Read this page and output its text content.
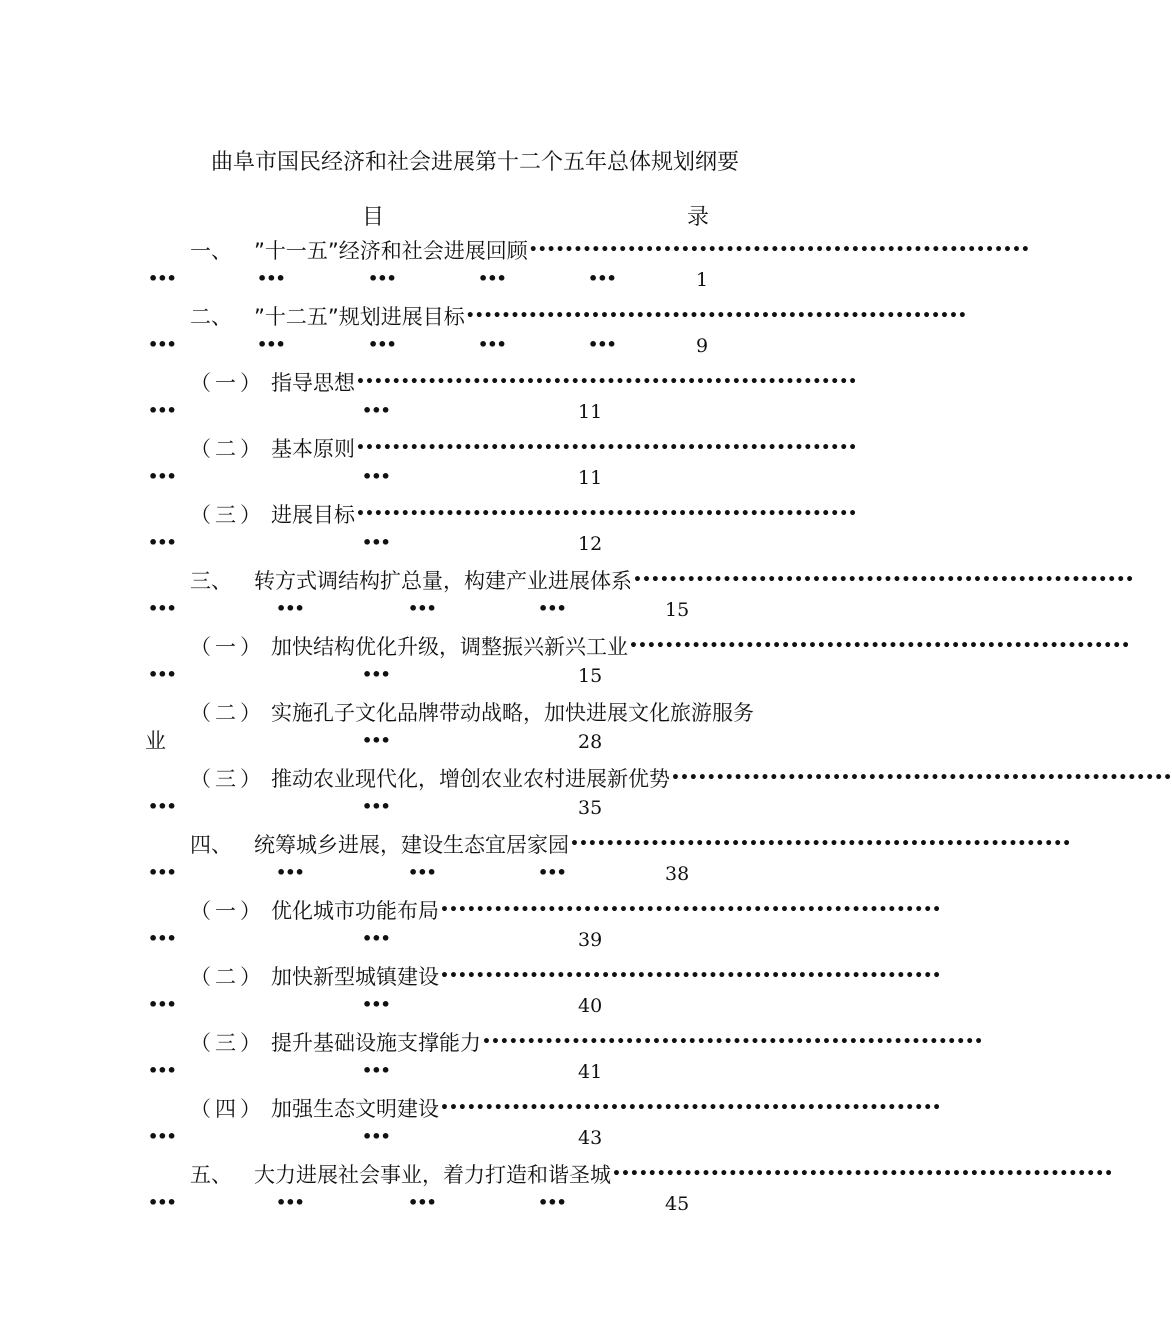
曲阜市国民经济和社会进展第十二个五年总体规划纲要
目	录
一、 ”十一五”经济和社会进展回顾 ••••••••••••••••••••••••••••••••••••••••••••••••••••••••
•••	•••	•••	•••	•••	1
二、 ”十二五”规划进展目标 ••••••••••••••••••••••••••••••••••••••••••••••••••••••••
•••	•••	•••	•••	•••	9
（一） 指导思想 ••••••••••••••••••••••••••••••••••••••••••••••••••••••••
•••	•••	11
（二） 基本原则 ••••••••••••••••••••••••••••••••••••••••••••••••••••••••
•••	•••	11
（三） 进展目标 ••••••••••••••••••••••••••••••••••••••••••••••••••••••••
•••	•••	12
三、 转方式调结构扩总量，构建产业进展体系 ••••••••••••••••••••••••••••••••••••••••••••••••••••••••
•••	•••	•••	•••	15
（一） 加快结构优化升级，调整振兴新兴工业 ••••••••••••••••••••••••••••••••••••••••••••••••••••••••
•••	•••	15
（二） 实施孔子文化品牌带动战略，加快进展文化旅游服务
业	•••	28
（三） 推动农业现代化，增创农业农村进展新优势 ••••••••••••••••••••••••••••••••••••••••••••••••••••••••
•••	•••	35
四、 统筹城乡进展，建设生态宜居家园 ••••••••••••••••••••••••••••••••••••••••••••••••••••••••
•••	•••	•••	•••	38
（一） 优化城市功能布局 ••••••••••••••••••••••••••••••••••••••••••••••••••••••••
•••	•••	39
（二） 加快新型城镇建设 ••••••••••••••••••••••••••••••••••••••••••••••••••••••••
•••	•••	40
（三） 提升基础设施支撑能力 ••••••••••••••••••••••••••••••••••••••••••••••••••••••••
•••	•••	41
（四） 加强生态文明建设 ••••••••••••••••••••••••••••••••••••••••••••••••••••••••
•••	•••	43
五、 大力进展社会事业，着力打造和谐圣城 ••••••••••••••••••••••••••••••••••••••••••••••••••••••••
•••	•••	•••	•••	45
